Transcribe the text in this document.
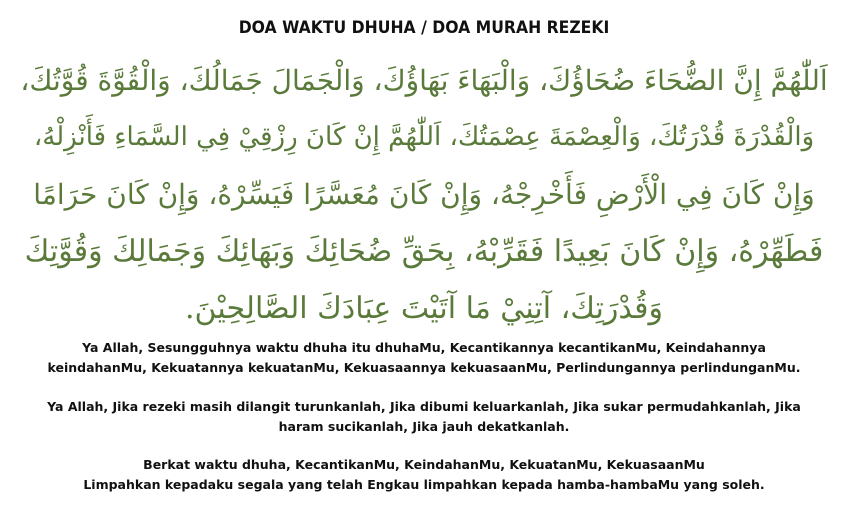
DOA WAKTU DHUHA / DOA MURAH REZEKI
اَللّٰهُمَّ إِنَّ الضُّحَاءَ ضُحَاؤُكَ، وَالْبَهَاءَ بَهَاؤُكَ، وَالْجَمَالَ جَمَالُكَ، وَالْقُوَّةَ قُوَّتُكَ،
وَالْقُدْرَةَ قُدْرَتُكَ، وَالْعِصْمَةَ عِصْمَتُكَ، اَللّٰهُمَّ إِنْ كَانَ رِزْقِيْ فِي السَّمَاءِ فَأَنْزِلْهُ،
وَإِنْ كَانَ فِي الْأَرْضِ فَأَخْرِجْهُ، وَإِنْ كَانَ مُعَسَّرًا فَيَسِّرْهُ، وَإِنْ كَانَ حَرَامًا
فَطَهِّرْهُ، وَإِنْ كَانَ بَعِيدًا فَقَرِّبْهُ، بِحَقِّ ضُحَائِكَ وَبَهَائِكَ وَجَمَالِكَ وَقُوَّتِكَ
وَقُدْرَتِكَ، آتِنِيْ مَا آتَيْتَ عِبَادَكَ الصَّالِحِيْنَ.
Ya Allah, Sesungguhnya waktu dhuha itu dhuhaMu, Kecantikannya kecantikanMu, Keindahannya
keindahanMu, Kekuatannya kekuatanMu, Kekuasaannya kekuasaanMu, Perlindungannya perlindunganMu.
Ya Allah, Jika rezeki masih dilangit turunkanlah, Jika dibumi keluarkanlah, Jika sukar permudahkanlah, Jika
haram sucikanlah, Jika jauh dekatkanlah.
Berkat waktu dhuha, KecantikanMu, KeindahanMu, KekuatanMu, KekuasaanMu
Limpahkan kepadaku segala yang telah Engkau limpahkan kepada hamba-hambaMu yang soleh.
